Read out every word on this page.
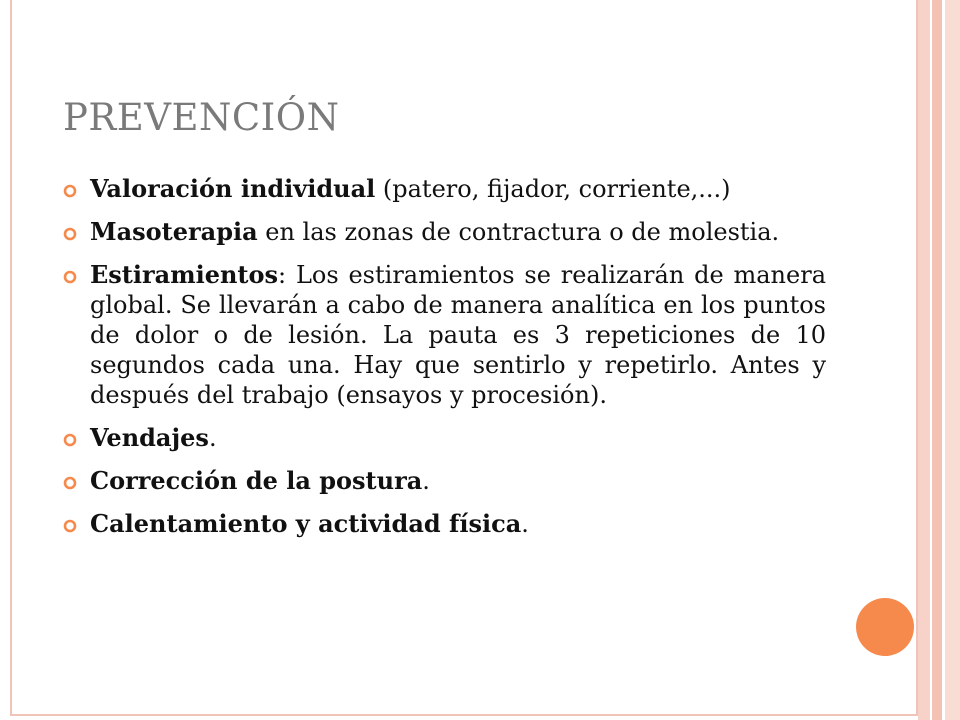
PREVENCIÓN
Valoración individual (patero, fijador, corriente,...)
Masoterapia en las zonas de contractura o de molestia.
Estiramientos: Los estiramientos se realizarán de manera global. Se llevarán a cabo de manera analítica en los puntos de dolor o de lesión. La pauta es 3 repeticiones de 10 segundos cada una. Hay que sentirlo y repetirlo. Antes y después del trabajo (ensayos y procesión).
Vendajes.
Corrección de la postura.
Calentamiento y actividad física.
